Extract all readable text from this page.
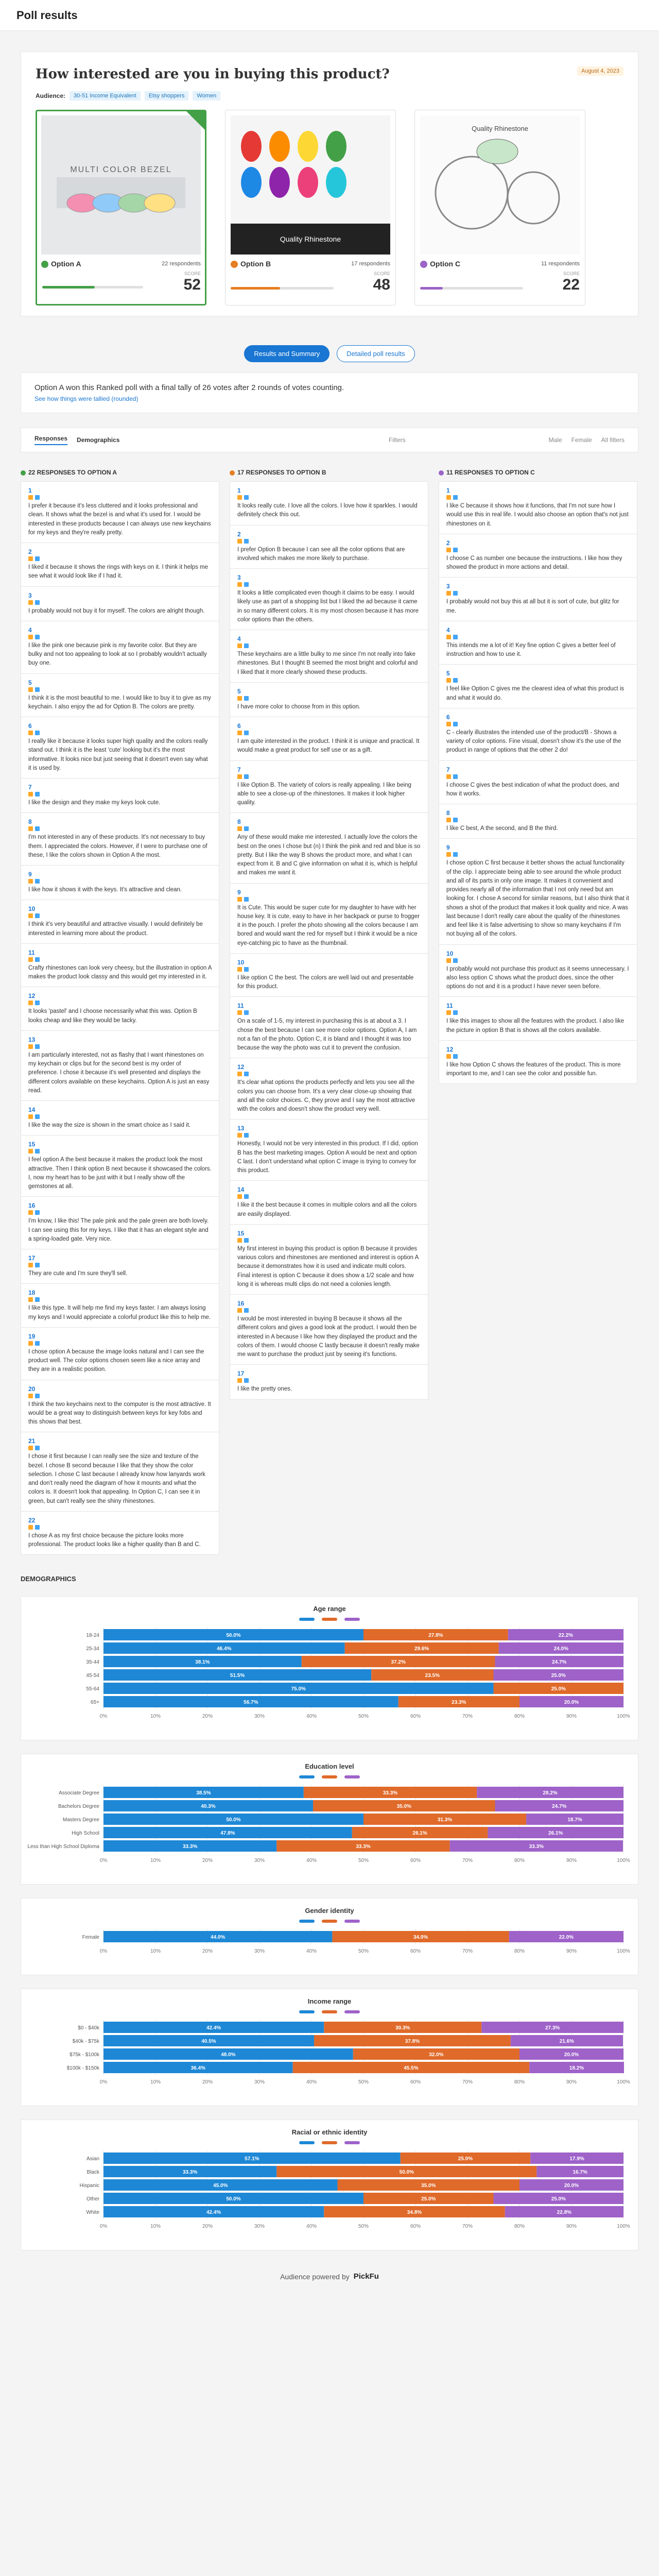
Poll results
How interested are you in buying this product?	August 4, 2023
Audience:	30-51 Income Equivalent	Etsy shoppers	Women
MULTI COLOR BEZEL
Option A	22 respondents
SCORE
52
Quality Rhinestone
Option B	17 respondents
SCORE
48
Quality Rhinestone
Option C	11 respondents
SCORE
22
Results and Summary	Detailed poll results

Option A won this Ranked poll with a final tally of 26 votes after 2 rounds of votes counting.

See how things were tallied (rounded)
Responses Demographics	Filters	Male Female All filters
22 RESPONSES TO OPTION A
1

I prefer it because it's less cluttered and it looks professional and clean. It shows what the bezel is and what it's used for. I would be interested in these products because I can always use new keychains for my keys and they're really pretty.

2

I liked it because it shows the rings with keys on it. I think it helps me see what it would look like if I had it.

3

I probably would not buy it for myself. The colors are alright though.

4

I like the pink one because pink is my favorite color. But they are bulky and not too appealing to look at so I probably wouldn't actually buy one.

5

I think it is the most beautiful to me. I would like to buy it to give as my keychain. I also enjoy the ad for Option B. The colors are pretty.

6

I really like it because it looks super high quality and the colors really stand out. I think it is the least 'cute' looking but it's the most informative. It looks nice but just seeing that it doesn't even say what it is used by.

7

I like the design and they make my keys look cute.

8

I'm not interested in any of these products. It's not necessary to buy them. I appreciated the colors. However, if I were to purchase one of these, I like the colors shown in Option A the most.

9

I like how it shows it with the keys. It's attractive and clean.

10

I think it's very beautiful and attractive visually. I would definitely be interested in learning more about the product.

11

Crafty rhinestones can look very cheesy, but the illustration in option A makes the product look classy and this would get my interested in it.

12

It looks 'pastel' and I choose necessarily what this was. Option B looks cheap and like they would be tacky.

13

I am particularly interested, not as flashy that I want rhinestones on my keychain or clips but for the second best is my order of preference. I chose it because it's well presented and displays the different colors available on these keychains. Option A is just an easy read.

14

I like the way the size is shown in the smart choice as I said it.

15

I feel option A the best because it makes the product look the most attractive. Then I think option B next because it showcased the colors. I, now my heart has to be just with it but I really show off the gemstones at all.

16

I'm know, I like this! The pale pink and the pale green are both lovely. I can see using this for my keys. I like that it has an elegant style and a spring-loaded gate. Very nice.

17

They are cute and I'm sure they'll sell.

18

I like this type. It will help me find my keys faster. I am always losing my keys and I would appreciate a colorful product like this to help me.

19

I chose option A because the image looks natural and I can see the product well. The color options chosen seem like a nice array and they are in a realistic position.

20

I think the two keychains next to the computer is the most attractive. It would be a great way to distinguish between keys for key fobs and this shows that best.

21

I chose it first because I can really see the size and texture of the bezel. I chose B second because I like that they show the color selection. I chose C last because I already know how lanyards work and don't really need the diagram of how it mounts and what the colors is. It doesn't look that appealing. In Option C, I can see it in green, but can't really see the shiny rhinestones.

22

I chose A as my first choice because the picture looks more professional. The product looks like a higher quality than B and C.

17 RESPONSES TO OPTION B
1

It looks really cute. I love all the colors. I love how it sparkles. I would definitely check this out.

2

I prefer Option B because I can see all the color options that are involved which makes me more likely to purchase.

3

It looks a little complicated even though it claims to be easy. I would likely use as part of a shopping list but I liked the ad because it came in so many different colors. It is my most chosen because it has more color options than the others.

4

These keychains are a little bulky to me since I'm not really into fake rhinestones. But I thought B seemed the most bright and colorful and I liked that it more clearly showed these products.

5

I have more color to choose from in this option.

6

I am quite interested in the product. I think it is unique and practical. It would make a great product for self use or as a gift.

7

I like Option B. The variety of colors is really appealing. I like being able to see a close-up of the rhinestones. It makes it look higher quality.

8

Any of these would make me interested. I actually love the colors the best on the ones I chose but (n) I think the pink and red and blue is so pretty. But I like the way B shows the product more, and what I can expect from it. B and C give information on what it is, which is helpful and makes me want it.

9

It is Cute. This would be super cute for my daughter to have with her house key. It is cute, easy to have in her backpack or purse to frogger it in the pouch. I prefer the photo showing all the colors because I am bored and would want the red for myself but I think it would be a nice eye-catching pic to have as the thumbnail.

10

I like option C the best. The colors are well laid out and presentable for this product.

11

On a scale of 1-5, my interest in purchasing this is at about a 3. I chose the best because I can see more color options. Option A, I am not a fan of the photo. Option C, it is bland and I thought it was too because the way the photo was cut it to prevent the confusion.

12

It's clear what options the products perfectly and lets you see all the colors you can choose from. It's a very clear close-up showing that and all the color choices. C, they prove and I say the most attractive with the colors and doesn't show the product very well.

13

Honestly, I would not be very interested in this product. If I did, option B has the best marketing images. Option A would be next and option C last. I don't understand what option C image is trying to convey for this product.

14

I like it the best because it comes in multiple colors and all the colors are easily displayed.

15

My first interest in buying this product is option B because it provides various colors and rhinestones are mentioned and interest is option A because it demonstrates how it is used and indicate multi colors. Final interest is option C because it does show a 1/2 scale and how long it is whereas multi clips do not need a colonies length.

16

I would be most interested in buying B because it shows all the different colors and gives a good look at the product. I would then be interested in A because I like how they displayed the product and the colors of them. I would choose C lastly because it doesn't really make me want to purchase the product just by seeing it's functions.

17

I like the pretty ones.

11 RESPONSES TO OPTION C
1

I like C because it shows how it functions, that I'm not sure how I would use this in real life. I would also choose an option that's not just rhinestones on it.

2

I choose C as number one because the instructions. I like how they showed the product in more actions and detail.

3

I probably would not buy this at all but it is sort of cute, but glitz for me.

4

This intends me a lot of it! Key fine option C gives a better feel of instruction and how to use it.

5

I feel like Option C gives me the clearest idea of what this product is and what it would do.

6

C - clearly illustrates the intended use of the product/B - Shows a variety of color options. Fine visual, doesn't show it's the use of the product in range of options that the other 2 do!

7

I choose C gives the best indication of what the product does, and how it works.

8

I like C best, A the second, and B the third.

9

I chose option C first because it better shows the actual functionality of the clip. I appreciate being able to see around the whole product and all of its parts in only one image. It makes it convenient and provides nearly all of the information that I not only need but am looking for. I chose A second for similar reasons, but I also think that it shows a shot of the product that makes it look quality and nice. A was last because I don't really care about the quality of the rhinestones and feel like it is false advertising to show so many keychains if I'm not buying all of the colors.

10

I probably would not purchase this product as it seems unnecessary. I also less option C shows what the product does, since the other options do not and it is a product I have never seen before.

11

I like this images to show all the features with the product. I also like the picture in option B that is shows all the colors available.

12

I like how Option C shows the features of the product. This is more important to me, and I can see the color and possible fun.

DEMOGRAPHICS
Age range
0%	10%	20%	30%	40%	50%	60%	70%	80%	90%	100%
18-24	50.0%	27.8%	22.2%
25-34	46.4%	29.6%	24.0%
35-44	38.1%	37.2%	24.7%
45-54	51.5%	23.5%	25.0%
55-64	75.0%	25.0%
65+	56.7%	23.3%	20.0%
Education level
0%	10%	20%	30%	40%	50%	60%	70%	80%	90%	100%
Associate Degree	38.5%	33.3%	28.2%
Bachelors Degree	40.3%	35.0%	24.7%
Masters Degree	50.0%	31.3%	18.7%
High School	47.8%	26.1%	26.1%
Less than High School Diploma	33.3%	33.3%	33.3%
Gender identity
0%	10%	20%	30%	40%	50%	60%	70%	80%	90%	100%
Female	44.0%	34.0%	22.0%
Income range
0%	10%	20%	30%	40%	50%	60%	70%	80%	90%	100%
$0 - $40k	42.4%	30.3%	27.3%
$40k - $75k	40.5%	37.8%	21.6%
$75k - $100k	48.0%	32.0%	20.0%
$100k - $150k	36.4%	45.5%	18.2%
Racial or ethnic identity
0%	10%	20%	30%	40%	50%	60%	70%	80%	90%	100%
Asian	57.1%	25.0%	17.9%
Black	33.3%	50.0%	16.7%
Hispanic	45.0%	35.0%	20.0%
Other	50.0%	25.0%	25.0%
White	42.4%	34.8%	22.8%
Audience powered by PickFu
